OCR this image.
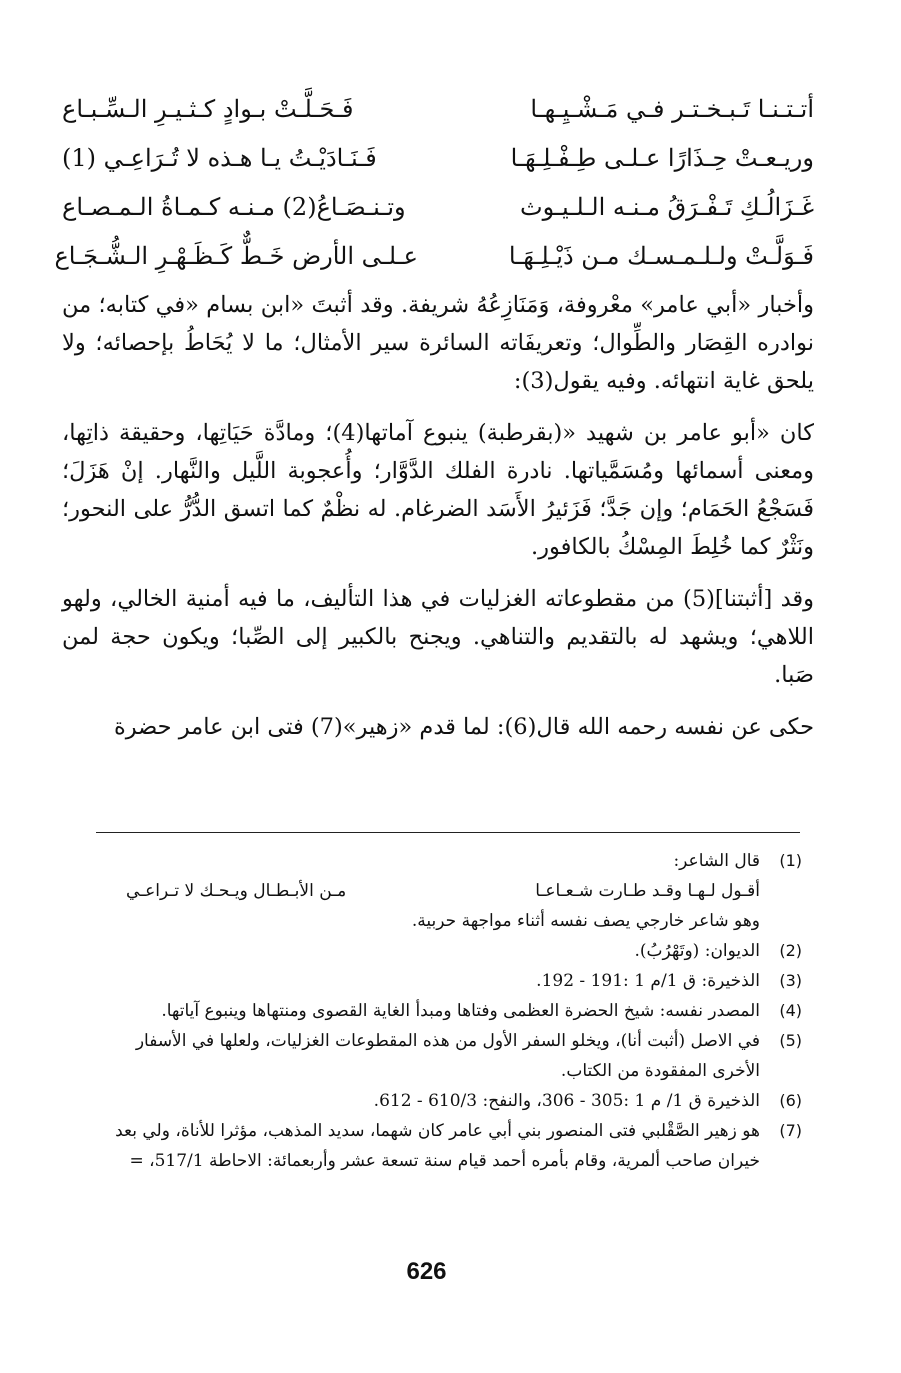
أتـتـنـا تَـبـخـتـر فـي مَـشْـيِـهـا
فَـحَـلَّـتْ بـوادٍ كـثـيـرِ الـسِّـبـاع
وريـعـتْ حِـذَارًا عـلـى طِـفْـلِـهَـا
فَـنَـادَيْـتُ يـا هـذه لا تُـرَاعِـي (1)
غَـزَالُـكِ تَـفْـرَقُ مـنـه الـلـيـوث
وتـنـصَـاعُ(2) مـنـه كـمـاةُ الـمـصـاع
فَـوَلَّـتْ ولـلـمـسـك مـن ذَيْـلِـهَـا
عـلـى الأرض خَـطٌّ كَـظَـهْـرِ الـشُّـجَـاع

وأخبار «أبي عامر» معْروفة، وَمَنَازِعُهُ شريفة. وقد أثبتَ «ابن بسام «في كتابه؛ من نوادره القِصَار والطِّوال؛ وتعريفَاته السائرة سير الأمثال؛ ما لا يُحَاطُ بإحصائه؛ ولا يلحق غاية انتهائه. وفيه يقول(3):

كان «أبو عامر بن شهيد «(بقرطبة) ينبوع آماتها(4)؛ ومادَّة حَيَاتِها، وحقيقة ذاتِها، ومعنى أسمائها ومُسَمَّياتها. نادرة الفلك الدَّوَّار؛ وأُعجوبة اللَّيل والنَّهار. إنْ هَزَلَ؛ فَسَجْعُ الحَمَام؛ وإن جَدَّ؛ فَزَئيرُ الأَسَد الضرغام. له نظْمٌ كما اتسق الدُّرُّ على النحور؛ ونَثْرٌ كما خُلِطَ المِسْكُ بالكافور.

وقد [أثبتنا](5) من مقطوعاته الغزليات في هذا التأليف، ما فيه أمنية الخالي، ولهو اللاهي؛ ويشهد له بالتقديم والتناهي. ويجنح بالكبير إلى الصِّبا؛ ويكون حجة لمن صَبا.

حكى عن نفسه رحمه الله قال(6): لما قدم «زهير»(7) فتى ابن عامر حضرة

(1)

قال الشاعر:

أقـول لـهـا وقـد طـارت شـعـاعـا
مـن الأبـطـال ويـحـك لا تـراعـي

وهو شاعر خارجي يصف نفسه أثناء مواجهة حربية.

(2)

الديوان: (وتَهْرُبُ).

(3)

الذخيرة: ق 1/م 1 :191 - 192.

(4)

المصدر نفسه: شيخ الحضرة العظمى وفتاها ومبدأ الغاية القصوى ومنتهاها وينبوع آياتها.

(5)

في الاصل (أثبت أنا)، ويخلو السفر الأول من هذه المقطوعات الغزليات، ولعلها في الأسفار الأخرى المفقودة من الكتاب.

(6)

الذخيرة ق 1/ م 1 :305 - 306، والنفح: 610/3 - 612.

(7)

هو زهير الصَّقْلبي فتى المنصور بني أبي عامر كان شهما، سديد المذهب، مؤثرا للأناة، ولي بعد خيران صاحب ألمرية، وقام بأمره أحمد قيام سنة تسعة عشر وأربعمائة: الاحاطة 517/1، =

626
